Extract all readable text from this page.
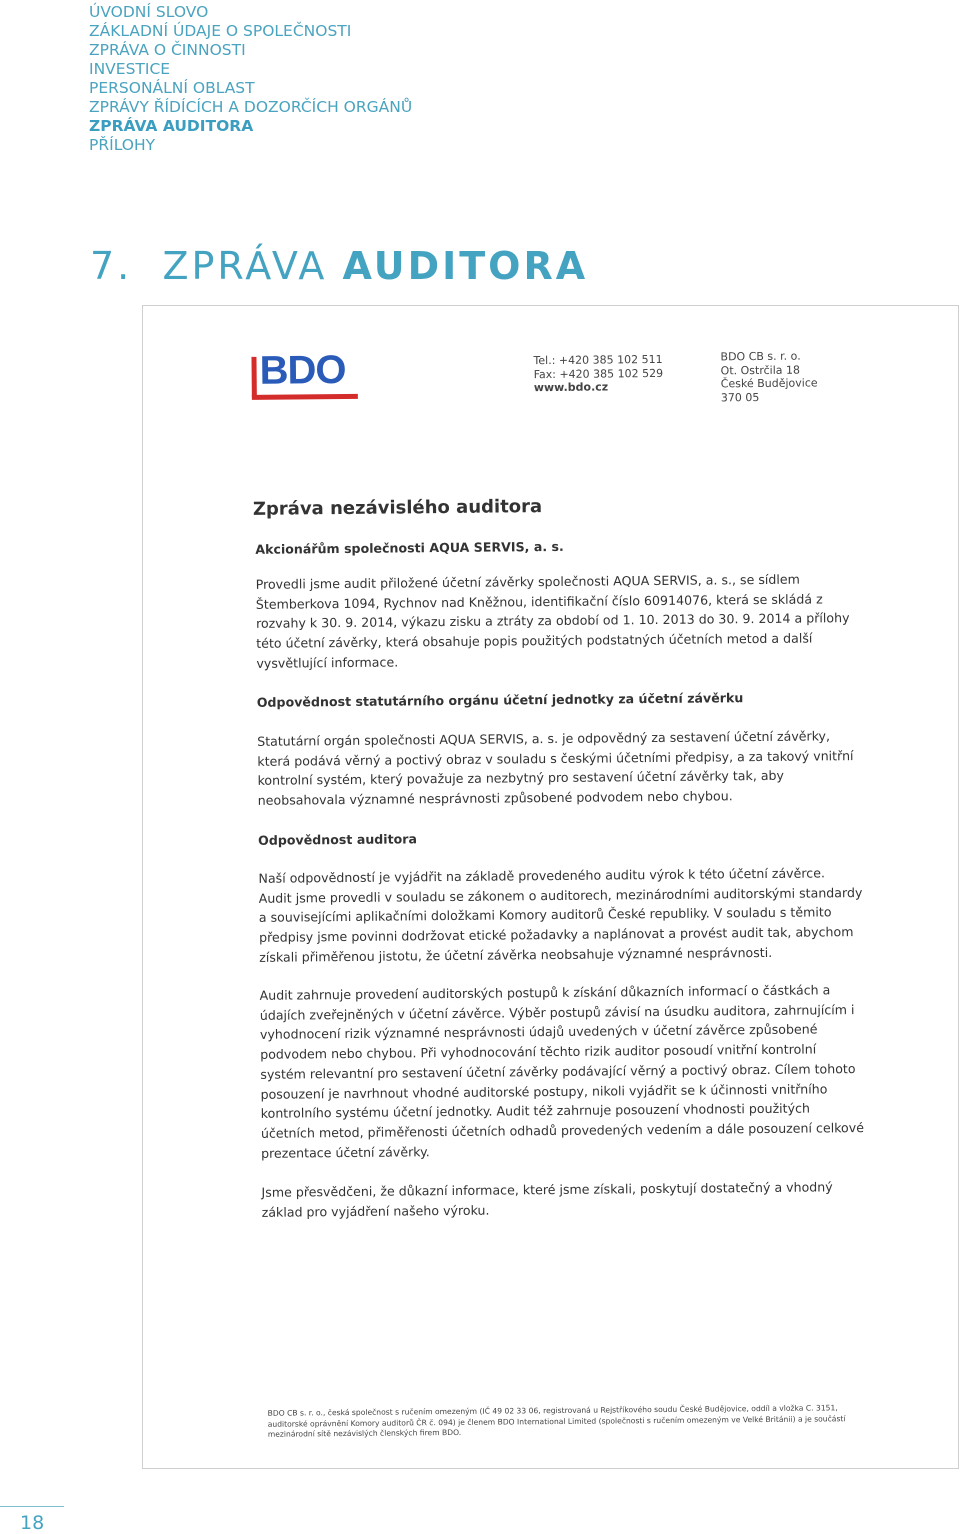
ÚVODNÍ SLOVO
ZÁKLADNÍ ÚDAJE O SPOLEČNOSTI
ZPRÁVA O ČINNOSTI
INVESTICE
PERSONÁLNÍ OBLAST
ZPRÁVY ŘÍDÍCÍCH A DOZORČÍCH ORGÁNŮ
ZPRÁVA AUDITORA
PŘÍLOHY
7. ZPRÁVA AUDITORA
BDO	Tel.: +420 385 102 511
Fax: +420 385 102 529
www.bdo.cz
BDO CB s. r. o.
Ot. Ostrčila 18
České Budějovice
370 05
Zpráva nezávislého auditora
Akcionářům společnosti AQUA SERVIS, a. s.
Provedli jsme audit přiložené účetní závěrky společnosti AQUA SERVIS, a. s., se sídlem
Štemberkova 1094, Rychnov nad Kněžnou, identifikační číslo 60914076, která se skládá z
rozvahy k 30. 9. 2014, výkazu zisku a ztráty za období od 1. 10. 2013 do 30. 9. 2014 a přílohy
této účetní závěrky, která obsahuje popis použitých podstatných účetních metod a další
vysvětlující informace.
Odpovědnost statutárního orgánu účetní jednotky za účetní závěrku
Statutární orgán společnosti AQUA SERVIS, a. s. je odpovědný za sestavení účetní závěrky,
která podává věrný a poctivý obraz v souladu s českými účetními předpisy, a za takový vnitřní
kontrolní systém, který považuje za nezbytný pro sestavení účetní závěrky tak, aby
neobsahovala významné nesprávnosti způsobené podvodem nebo chybou.
Odpovědnost auditora
Naší odpovědností je vyjádřit na základě provedeného auditu výrok k této účetní závěrce.
Audit jsme provedli v souladu se zákonem o auditorech, mezinárodními auditorskými standardy
a souvisejícími aplikačními doložkami Komory auditorů České republiky. V souladu s těmito
předpisy jsme povinni dodržovat etické požadavky a naplánovat a provést audit tak, abychom
získali přiměřenou jistotu, že účetní závěrka neobsahuje významné nesprávnosti.
Audit zahrnuje provedení auditorských postupů k získání důkazních informací o částkách a
údajích zveřejněných v účetní závěrce. Výběr postupů závisí na úsudku auditora, zahrnujícím i
vyhodnocení rizik významné nesprávnosti údajů uvedených v účetní závěrce způsobené
podvodem nebo chybou. Při vyhodnocování těchto rizik auditor posoudí vnitřní kontrolní
systém relevantní pro sestavení účetní závěrky podávající věrný a poctivý obraz. Cílem tohoto
posouzení je navrhnout vhodné auditorské postupy, nikoli vyjádřit se k účinnosti vnitřního
kontrolního systému účetní jednotky. Audit též zahrnuje posouzení vhodnosti použitých
účetních metod, přiměřenosti účetních odhadů provedených vedením a dále posouzení celkové
prezentace účetní závěrky.
Jsme přesvědčeni, že důkazní informace, které jsme získali, poskytují dostatečný a vhodný
základ pro vyjádření našeho výroku.
BDO CB s. r. o., česká společnost s ručením omezeným (IČ 49 02 33 06, registrovaná u Rejstříkového soudu České Budějovice, oddíl a vložka C. 3151,
auditorské oprávnění Komory auditorů ČR č. 094) je členem BDO International Limited (společnosti s ručením omezeným ve Velké Británii) a je součástí
mezinárodní sítě nezávislých členských firem BDO.
18
